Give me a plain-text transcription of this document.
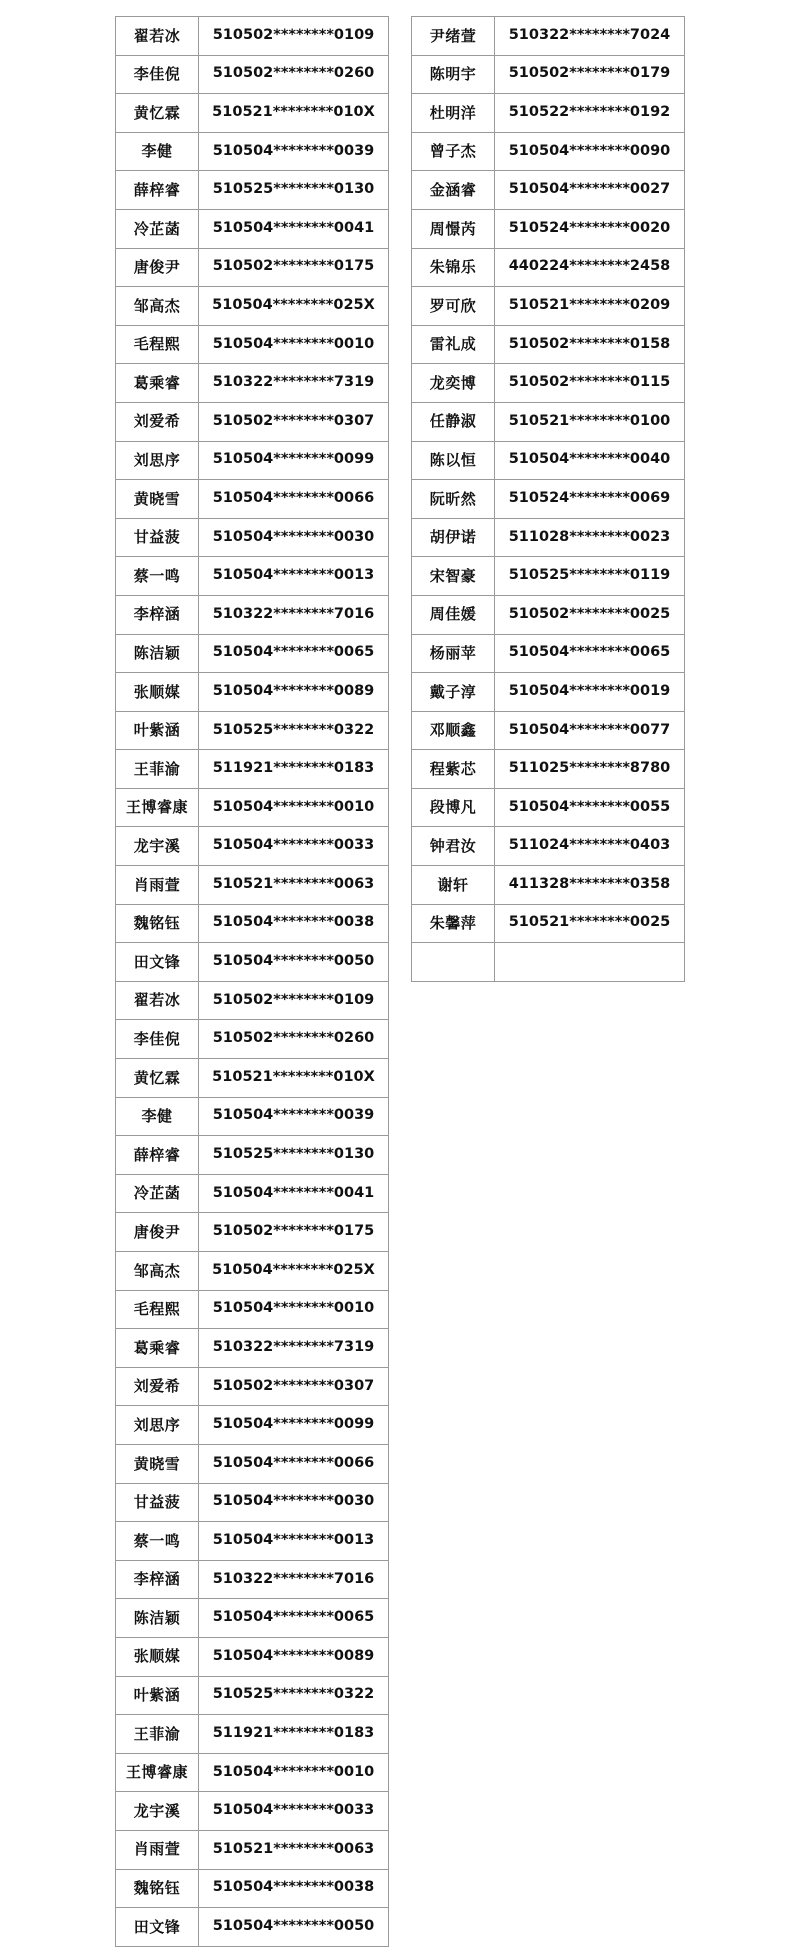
翟若冰	510502********0109
李佳倪	510502********0260
黄忆霖	510521********010X
李健	510504********0039
薛梓睿	510525********0130
冷芷菡	510504********0041
唐俊尹	510502********0175
邹高杰	510504********025X
毛程熙	510504********0010
葛乘睿	510322********7319
刘爱希	510502********0307
刘思序	510504********0099
黄晓雪	510504********0066
甘益菠	510504********0030
蔡一鸣	510504********0013
李梓涵	510322********7016
陈洁颖	510504********0065
张顺媒	510504********0089
叶紫涵	510525********0322
王菲渝	511921********0183
王博睿康	510504********0010
龙宇溪	510504********0033
肖雨萱	510521********0063
魏铭钰	510504********0038
田文锋	510504********0050
翟若冰	510502********0109
李佳倪	510502********0260
黄忆霖	510521********010X
李健	510504********0039
薛梓睿	510525********0130
冷芷菡	510504********0041
唐俊尹	510502********0175
邹高杰	510504********025X
毛程熙	510504********0010
葛乘睿	510322********7319
刘爱希	510502********0307
刘思序	510504********0099
黄晓雪	510504********0066
甘益菠	510504********0030
蔡一鸣	510504********0013
李梓涵	510322********7016
陈洁颖	510504********0065
张顺媒	510504********0089
叶紫涵	510525********0322
王菲渝	511921********0183
王博睿康	510504********0010
龙宇溪	510504********0033
肖雨萱	510521********0063
魏铭钰	510504********0038
田文锋	510504********0050
尹绪萱	510322********7024
陈明宇	510502********0179
杜明洋	510522********0192
曾子杰	510504********0090
金涵睿	510504********0027
周憬芮	510524********0020
朱锦乐	440224********2458
罗可欣	510521********0209
雷礼成	510502********0158
龙奕博	510502********0115
任静淑	510521********0100
陈以恒	510504********0040
阮昕然	510524********0069
胡伊诺	511028********0023
宋智豪	510525********0119
周佳媛	510502********0025
杨丽苹	510504********0065
戴子淳	510504********0019
邓顺鑫	510504********0077
程紫芯	511025********8780
段博凡	510504********0055
钟君汝	511024********0403
谢轩	411328********0358
朱馨萍	510521********0025
